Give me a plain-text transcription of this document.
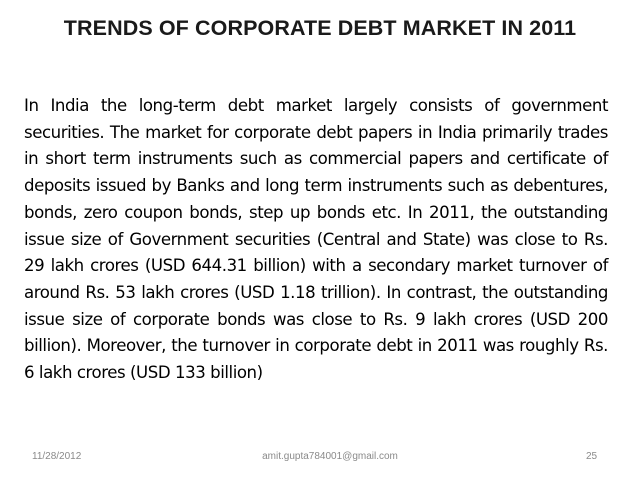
TRENDS OF CORPORATE DEBT MARKET IN 2011
In India the long-term debt market largely consists of government securities. The market for corporate debt papers in India primarily trades in short term instruments such as commercial papers and certificate of deposits issued by Banks and long term instruments such as debentures, bonds, zero coupon bonds, step up bonds etc. In 2011, the outstanding issue size of Government securities (Central and State) was close to Rs. 29 lakh crores (USD 644.31 billion) with a secondary market turnover of around Rs. 53 lakh crores (USD 1.18 trillion). In contrast, the outstanding issue size of corporate bonds was close to Rs. 9 lakh crores (USD 200 billion). Moreover, the turnover in corporate debt in 2011 was roughly Rs. 6 lakh crores (USD 133 billion)
11/28/2012	amit.gupta784001@gmail.com	25
